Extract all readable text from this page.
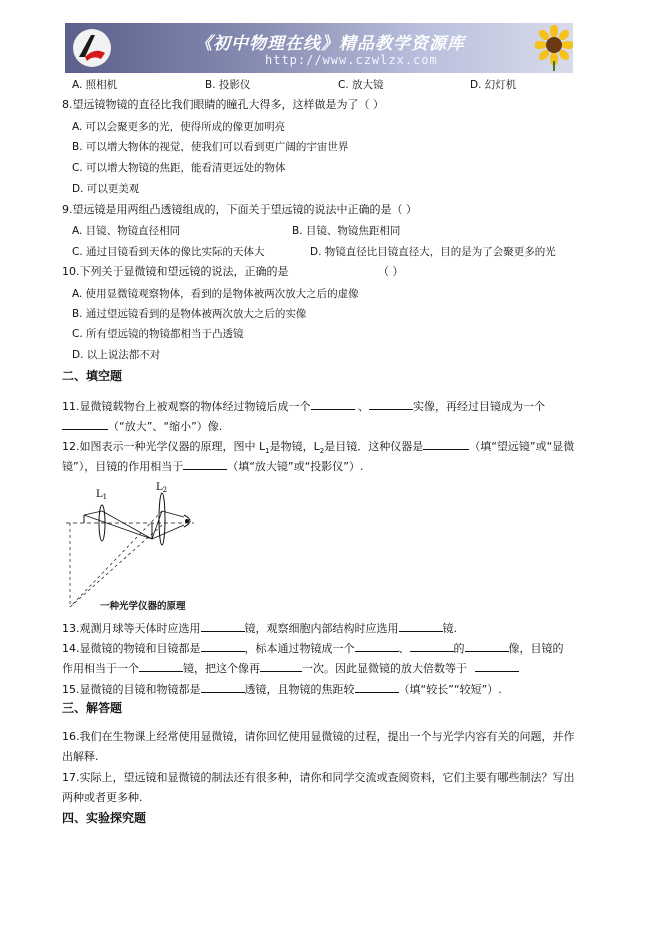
《初中物理在线》精品教学资源库
http://www.czwlzx.com
A. 照相机	B. 投影仪	C. 放大镜	D. 幻灯机
8.望远镜物镜的直径比我们眼睛的瞳孔大得多，这样做是为了（ ）
A. 可以会聚更多的光，使得所成的像更加明亮
B. 可以增大物体的视觉，使我们可以看到更广阔的宇宙世界
C. 可以增大物镜的焦距，能看清更远处的物体
D. 可以更美观
9.望远镜是用两组凸透镜组成的，下面关于望远镜的说法中正确的是（ ）
A. 目镜、物镜直径相同	B. 目镜、物镜焦距相同
C. 通过目镜看到天体的像比实际的天体大	D. 物镜直径比目镜直径大，目的是为了会聚更多的光
10.下列关于显微镜和望远镜的说法，正确的是	（ ）
A. 使用显微镜观察物体，看到的是物体被两次放大之后的虚像
B. 通过望远镜看到的是物体被两次放大之后的实像
C. 所有望远镜的物镜都相当于凸透镜
D. 以上说法都不对
二、填空题
11.显微镜载物台上被观察的物体经过物镜后成一个	、	实像，再经过目镜成为一个
（“放大”、“缩小”）像.
12.如图表示一种光学仪器的原理，图中 $L_1$是物镜，$L_2$是目镜．这种仪器是	（填“望远镜”或“显微
镜”），目镜的作用相当于	（填“放大镜”或“投影仪”）.
$L_1$
$L_2$
一种光学仪器的原理
13.观测月球等天体时应选用	镜，观察细胞内部结构时应选用	镜.
14.显微镜的物镜和目镜都是	，标本通过物镜成一个	、	的	像，目镜的
作用相当于一个	镜，把这个像再	一次。因此显微镜的放大倍数等于
15.显微镜的目镜和物镜都是	透镜，且物镜的焦距较	（填“较长”“较短”）.
三、解答题
16.我们在生物课上经常使用显微镜，请你回忆使用显微镜的过程，提出一个与光学内容有关的问题，并作
出解释.
17.实际上，望远镜和显微镜的制法还有很多种，请你和同学交流或查阅资料，它们主要有哪些制法？写出
两种或者更多种.
四、实验探究题
